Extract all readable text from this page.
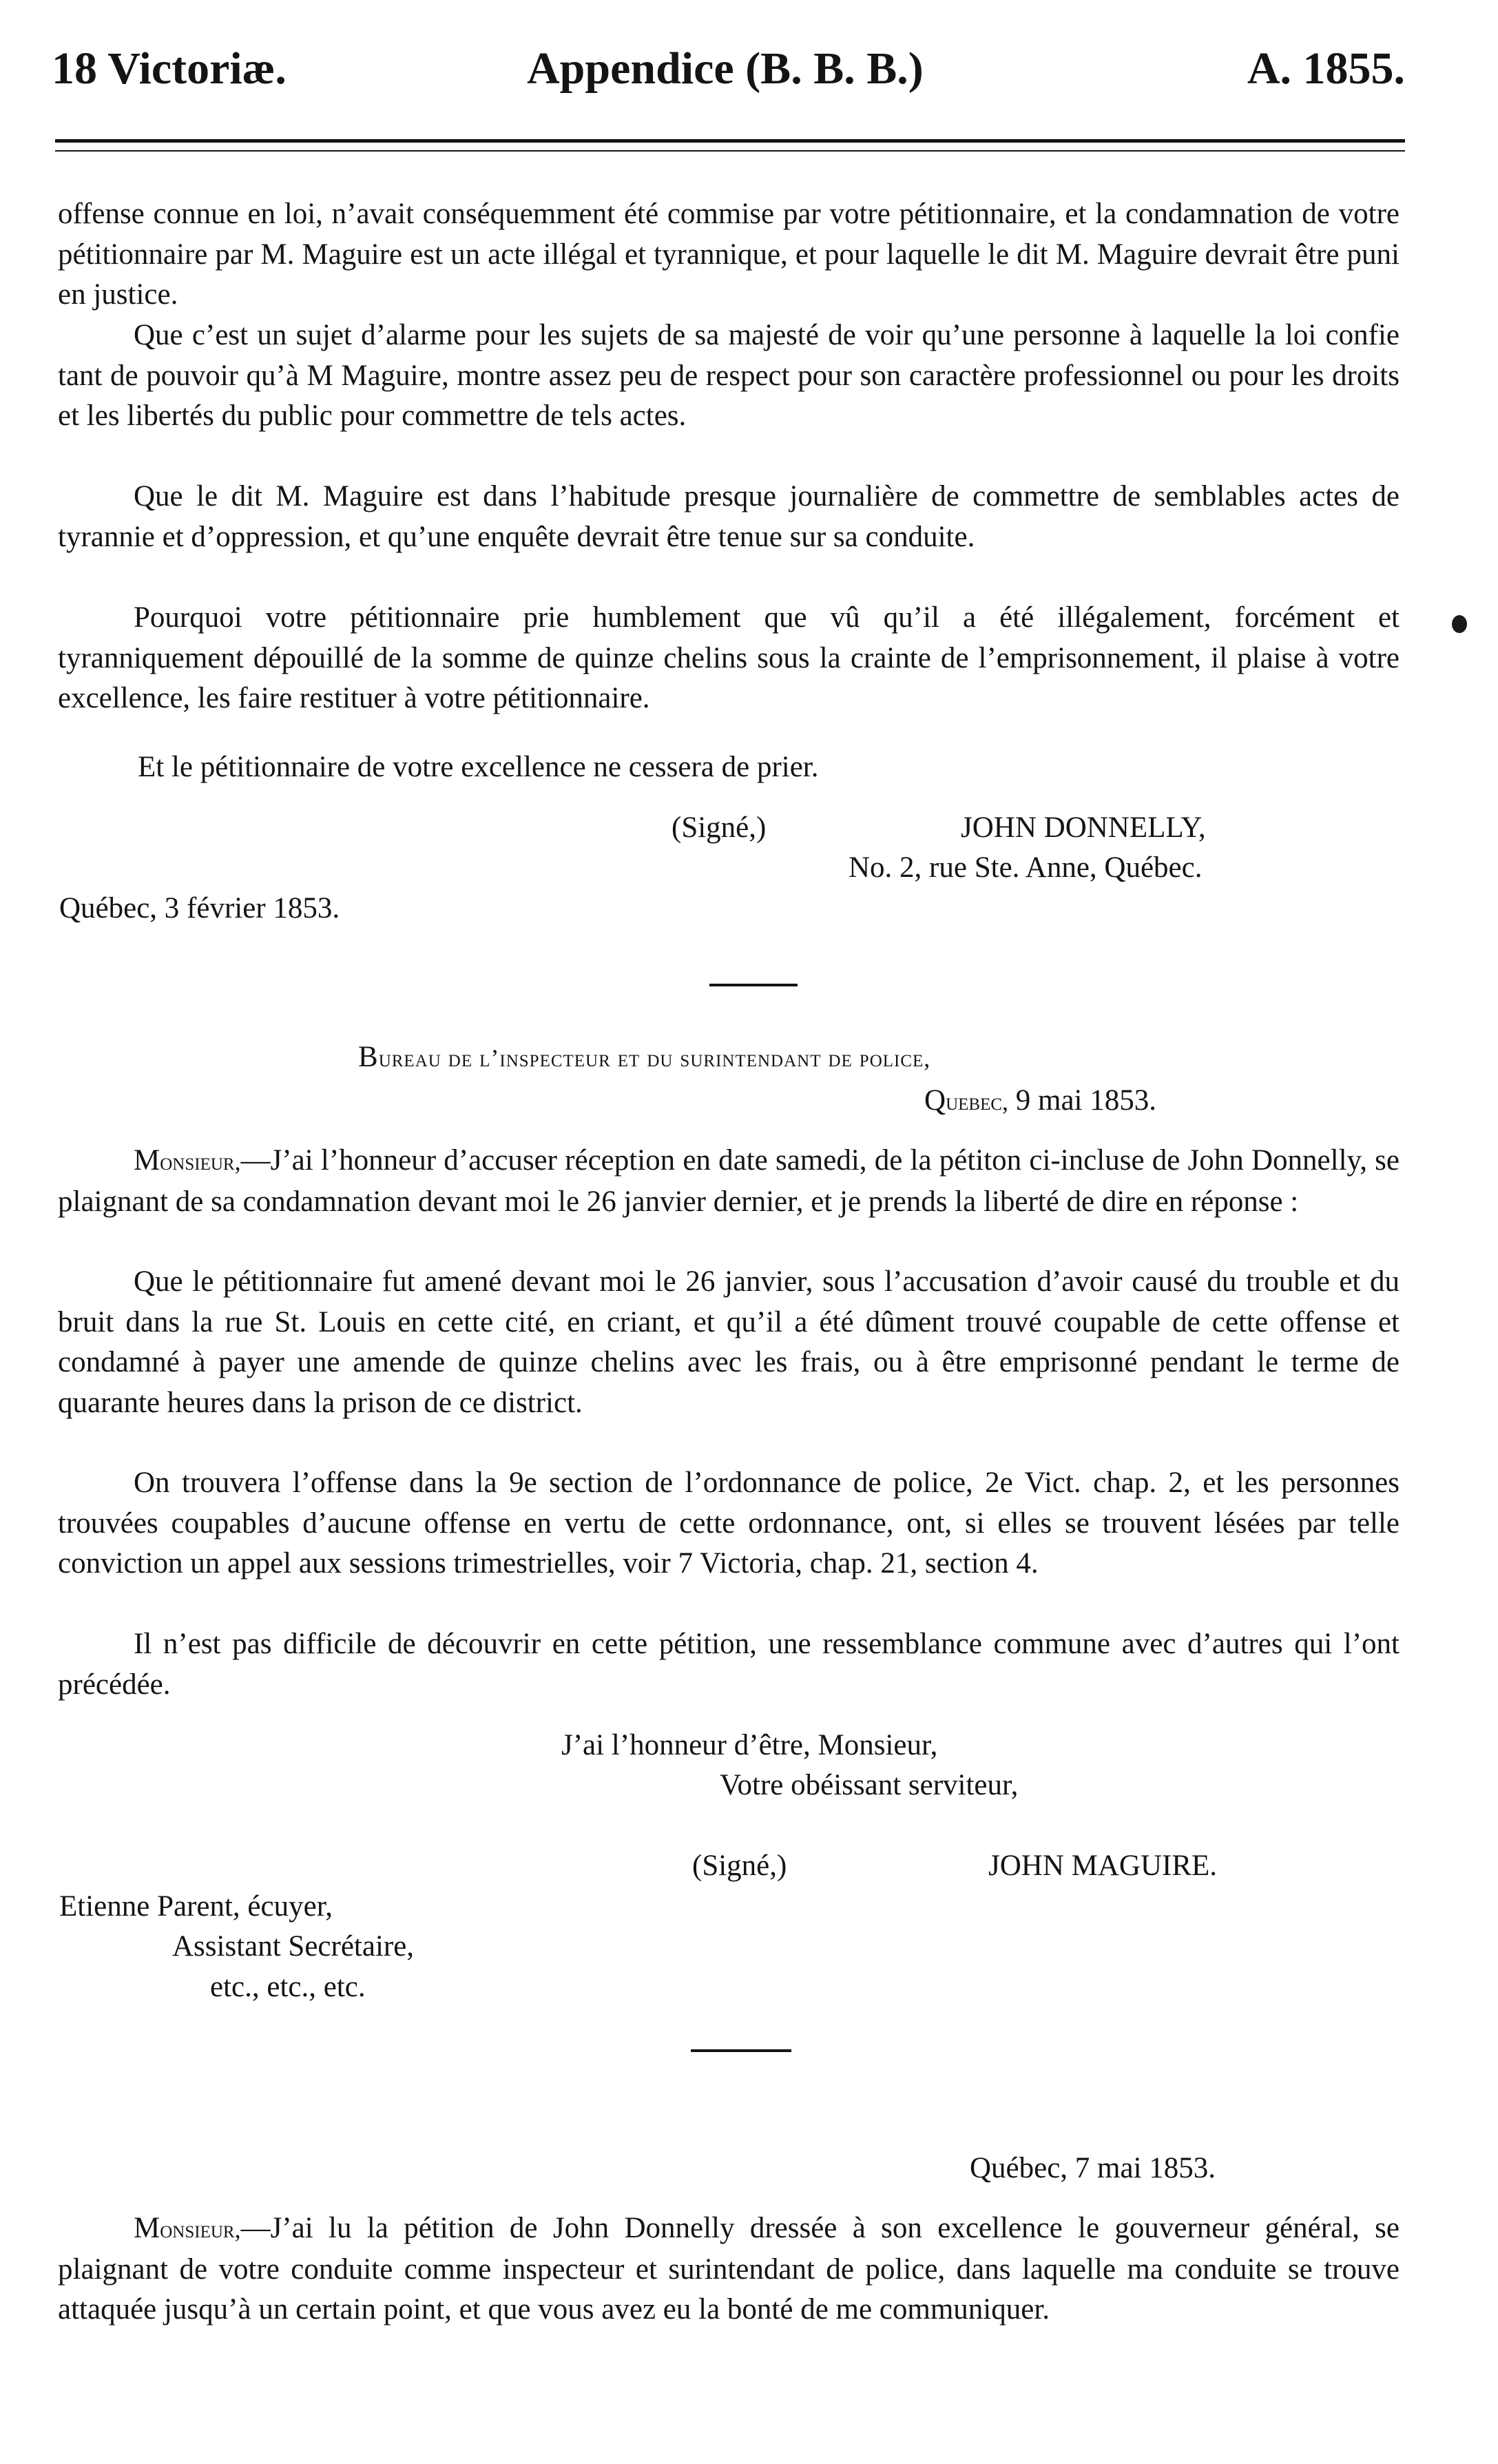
18 Victoriæ.	Appendice (B. B. B.)	A. 1855.

offense connue en loi, n’avait conséquemment été commise par votre pétitionnaire, et la condamnation de votre pétitionnaire par M. Maguire est un acte illégal et tyrannique, et pour laquelle le dit M. Maguire devrait être puni en justice.

Que c’est un sujet d’alarme pour les sujets de sa majesté de voir qu’une personne à laquelle la loi confie tant de pouvoir qu’à M Maguire, montre assez peu de respect pour son caractère professionnel ou pour les droits et les libertés du public pour commettre de tels actes.

Que le dit M. Maguire est dans l’habitude presque journalière de commettre de semblables actes de tyrannie et d’oppression, et qu’une enquête devrait être tenue sur sa conduite.

Pourquoi votre pétitionnaire prie humblement que vû qu’il a été illégalement, forcément et tyranniquement dépouillé de la somme de quinze chelins sous la crainte de l’emprisonnement, il plaise à votre excellence, les faire restituer à votre pétitionnaire.

Et le pétitionnaire de votre excellence ne cessera de prier.

(Signé,)	JOHN DONNELLY,

No. 2, rue Ste. Anne, Québec.

Québec, 3 février 1853.

Bureau de l’inspecteur et du surintendant de police,

Quebec, 9 mai 1853.

Monsieur,—J’ai l’honneur d’accuser réception en date samedi, de la pétiton ci-incluse de John Donnelly, se plaignant de sa condamnation devant moi le 26 janvier dernier, et je prends la liberté de dire en réponse :

Que le pétitionnaire fut amené devant moi le 26 janvier, sous l’accusation d’avoir causé du trouble et du bruit dans la rue St. Louis en cette cité, en criant, et qu’il a été dûment trouvé coupable de cette offense et condamné à payer une amende de quinze chelins avec les frais, ou à être emprisonné pendant le terme de quarante heures dans la prison de ce district.

On trouvera l’offense dans la 9e section de l’ordonnance de police, 2e Vict. chap. 2, et les personnes trouvées coupables d’aucune offense en vertu de cette ordonnance, ont, si elles se trouvent lésées par telle conviction un appel aux sessions trimestrielles, voir 7 Victoria, chap. 21, section 4.

Il n’est pas difficile de découvrir en cette pétition, une ressemblance commune avec d’autres qui l’ont précédée.

J’ai l’honneur d’être, Monsieur,

Votre obéissant serviteur,

(Signé,)	JOHN MAGUIRE.

Etienne Parent, écuyer,

Assistant Secrétaire,

etc., etc., etc.

Québec, 7 mai 1853.

Monsieur,—J’ai lu la pétition de John Donnelly dressée à son excellence le gouverneur général, se plaignant de votre conduite comme inspecteur et surintendant de police, dans laquelle ma conduite se trouve attaquée jusqu’à un certain point, et que vous avez eu la bonté de me communiquer.
